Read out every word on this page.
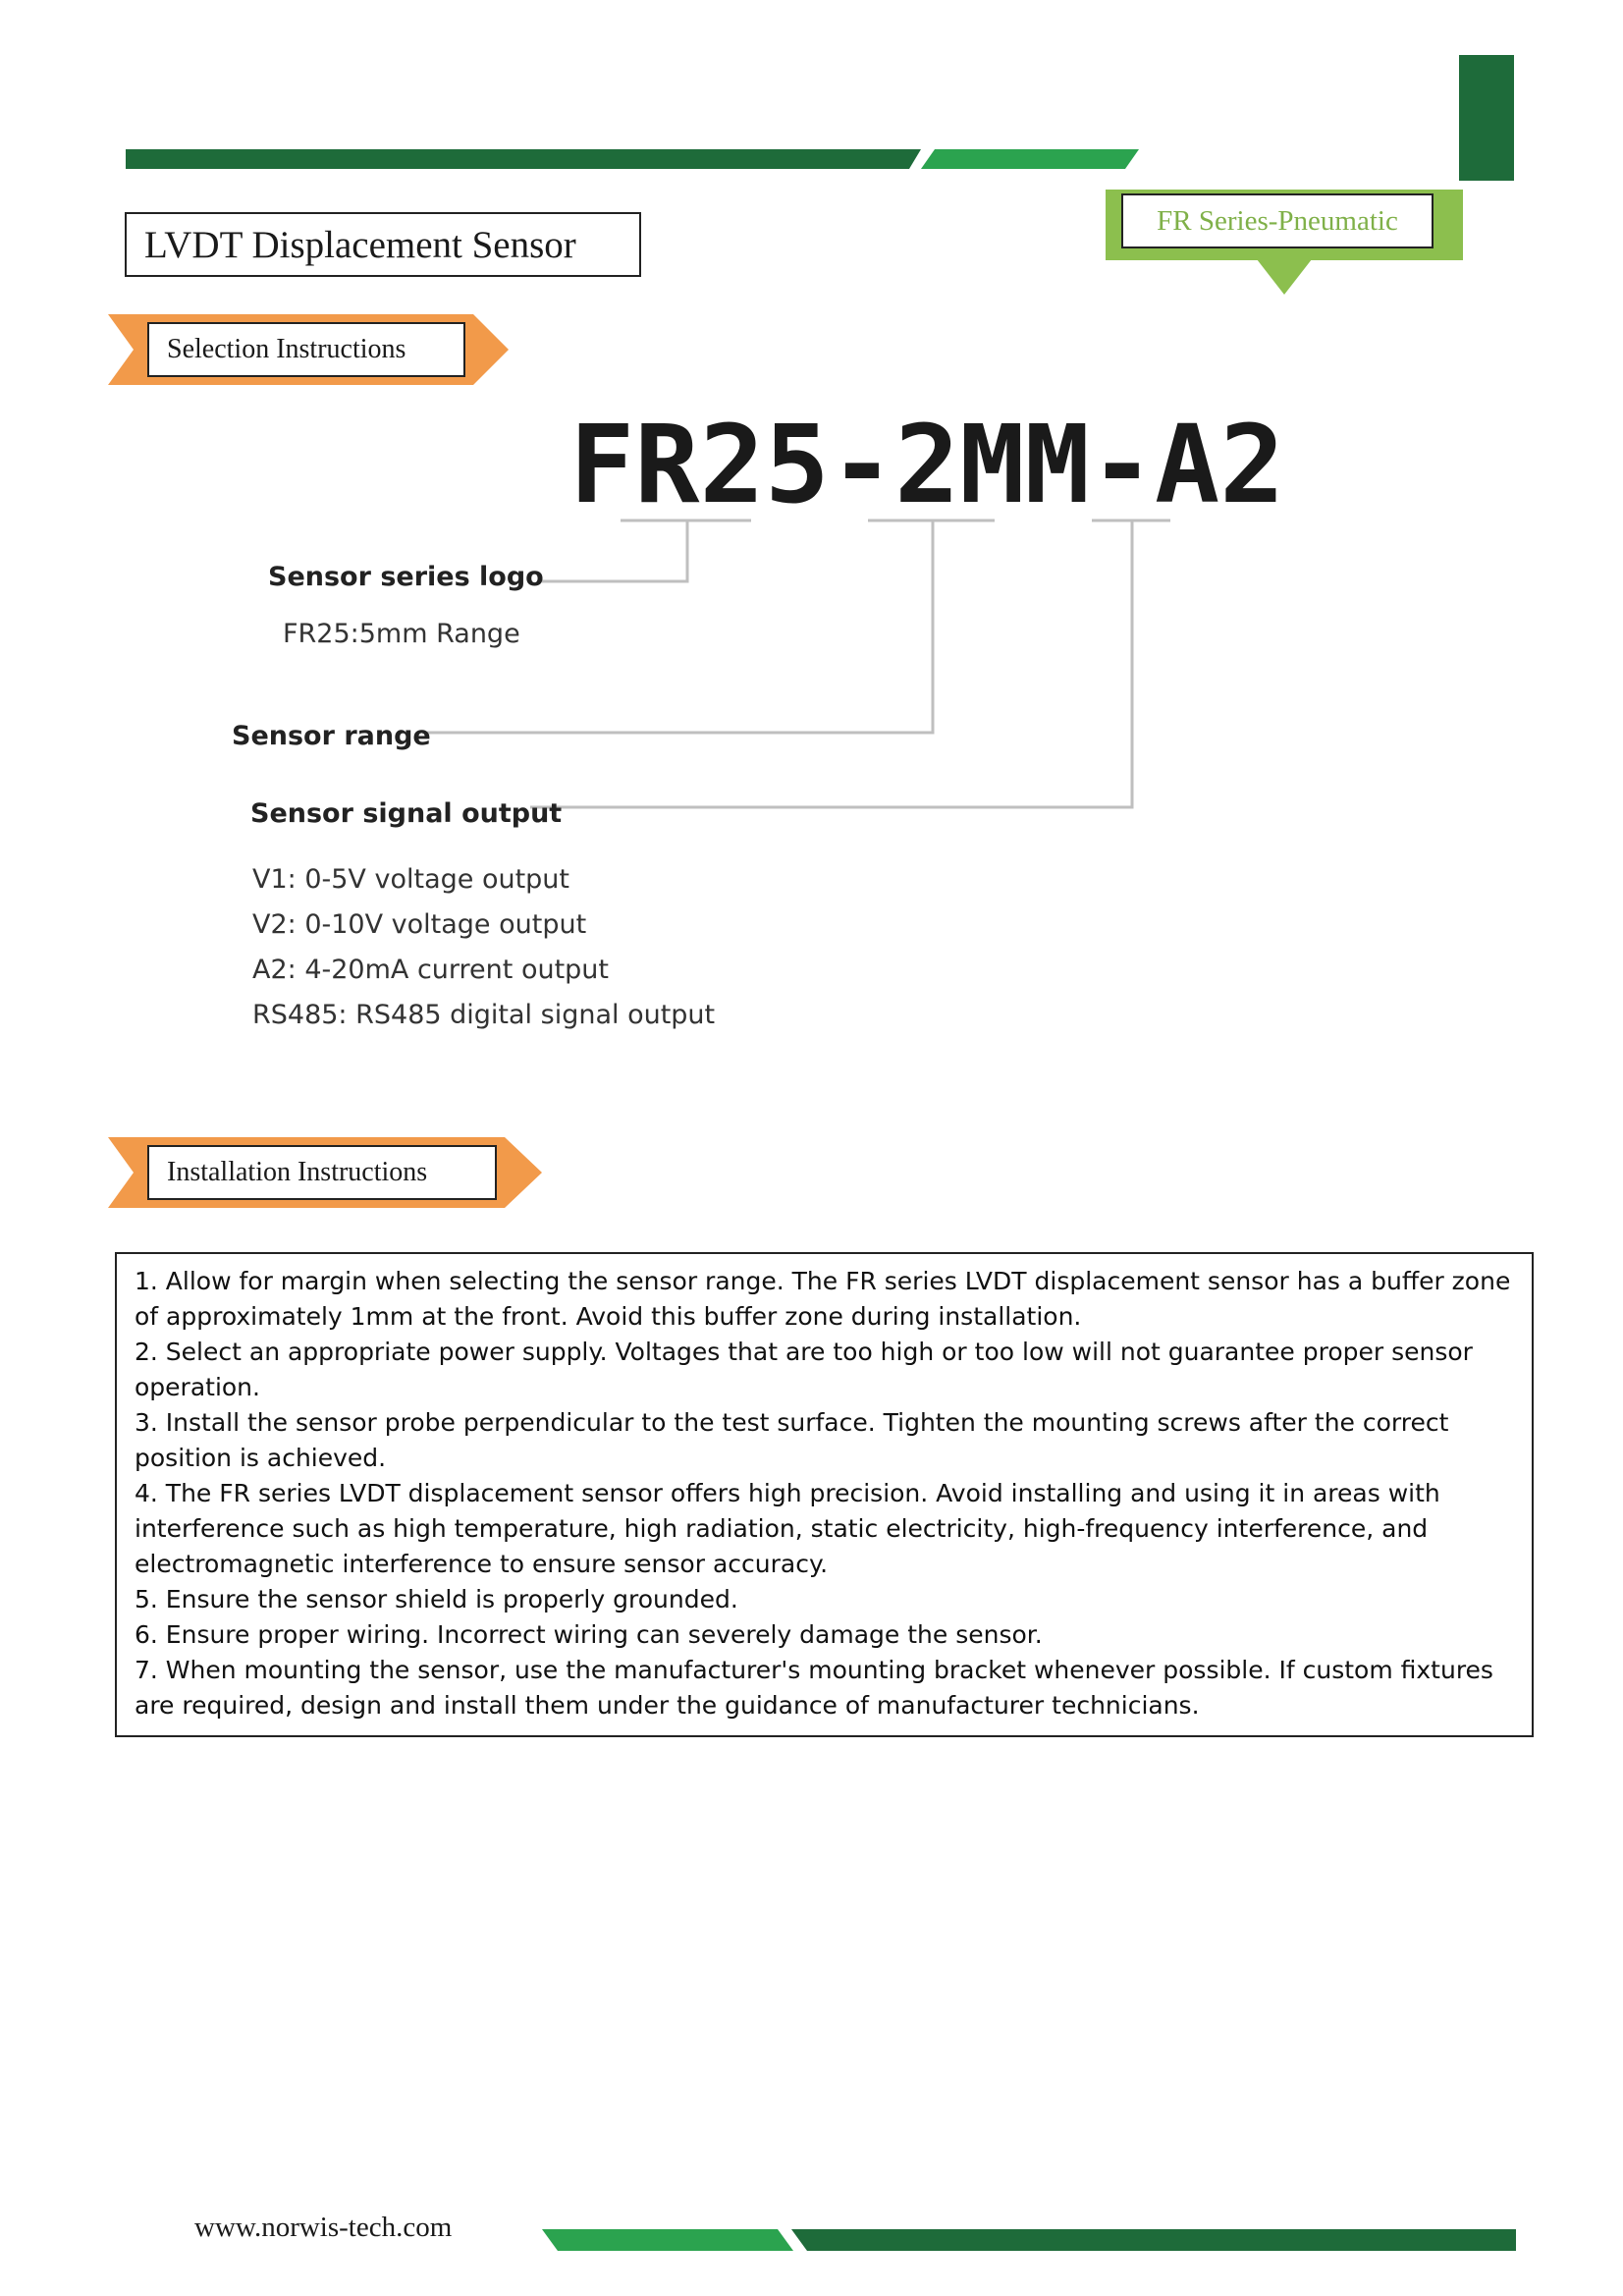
LVDT Displacement Sensor
FR Series-Pneumatic
Selection Instructions
FR25-2MM-A2
Sensor series logo
FR25:5mm Range
Sensor range
Sensor signal output
V1: 0-5V voltage output
V2: 0-10V voltage output
A2: 4-20mA current output
RS485: RS485 digital signal output
Installation Instructions

1. Allow for margin when selecting the sensor range. The FR series LVDT displacement sensor has a buffer zone of approximately 1mm at the front. Avoid this buffer zone during installation.

2. Select an appropriate power supply. Voltages that are too high or too low will not guarantee proper sensor operation.

3. Install the sensor probe perpendicular to the test surface. Tighten the mounting screws after the correct position is achieved.

4. The FR series LVDT displacement sensor offers high precision. Avoid installing and using it in areas with interference such as high temperature, high radiation, static electricity, high-frequency interference, and electromagnetic interference to ensure sensor accuracy.

5. Ensure the sensor shield is properly grounded.

6. Ensure proper wiring. Incorrect wiring can severely damage the sensor.

7. When mounting the sensor, use the manufacturer's mounting bracket whenever possible. If custom fixtures are required, design and install them under the guidance of manufacturer technicians.

www.norwis-tech.com
